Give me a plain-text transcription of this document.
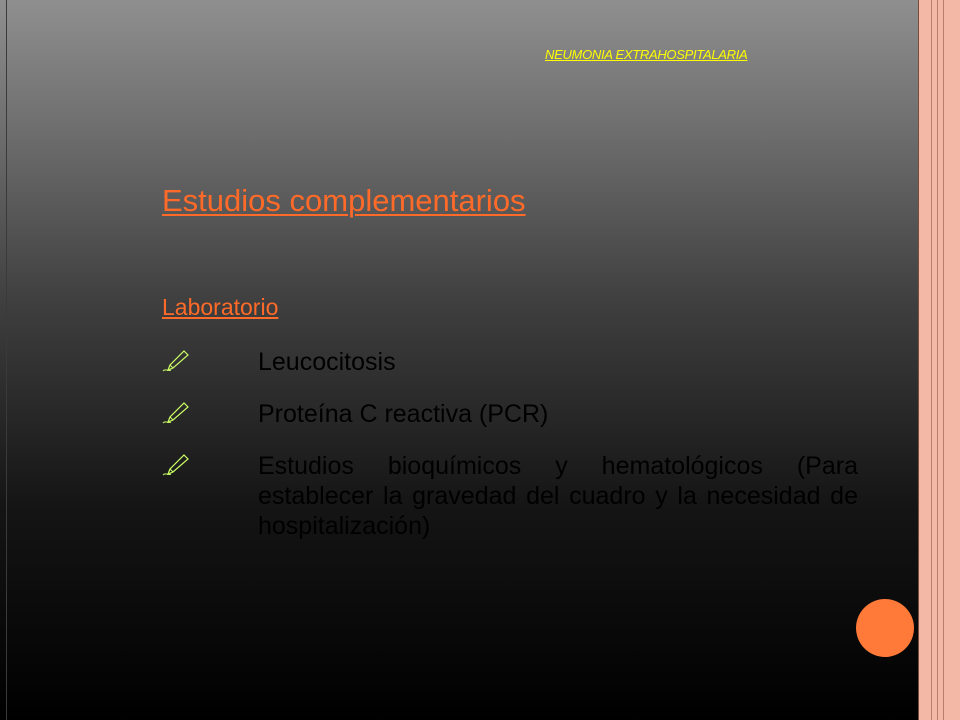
NEUMONIA EXTRAHOSPITALARIA
Estudios complementarios
Laboratorio
Leucocitosis
Proteína C reactiva (PCR)
Estudios bioquímicos y hematológicos (Para establecer la gravedad del cuadro y la necesidad de hospitalización)
